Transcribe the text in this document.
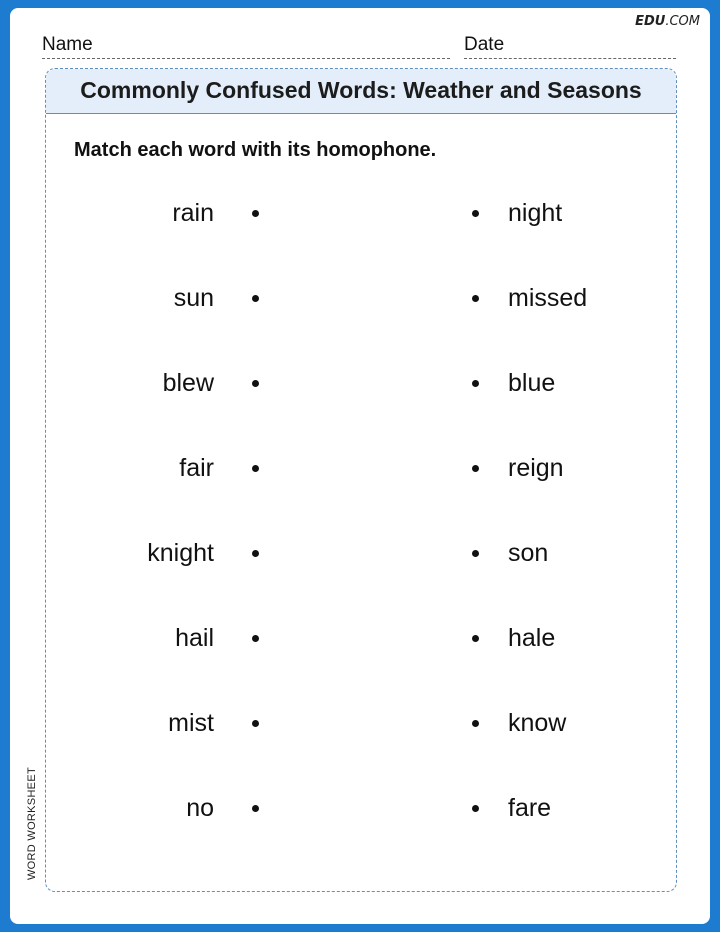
EDU.COM
Name	Date
Commonly Confused Words: Weather and Seasons
Match each word with its homophone.
rain	night
sun	missed
blew	blue
fair	reign
knight	son
hail	hale
mist	know
no	fare
WORD WORKSHEET
